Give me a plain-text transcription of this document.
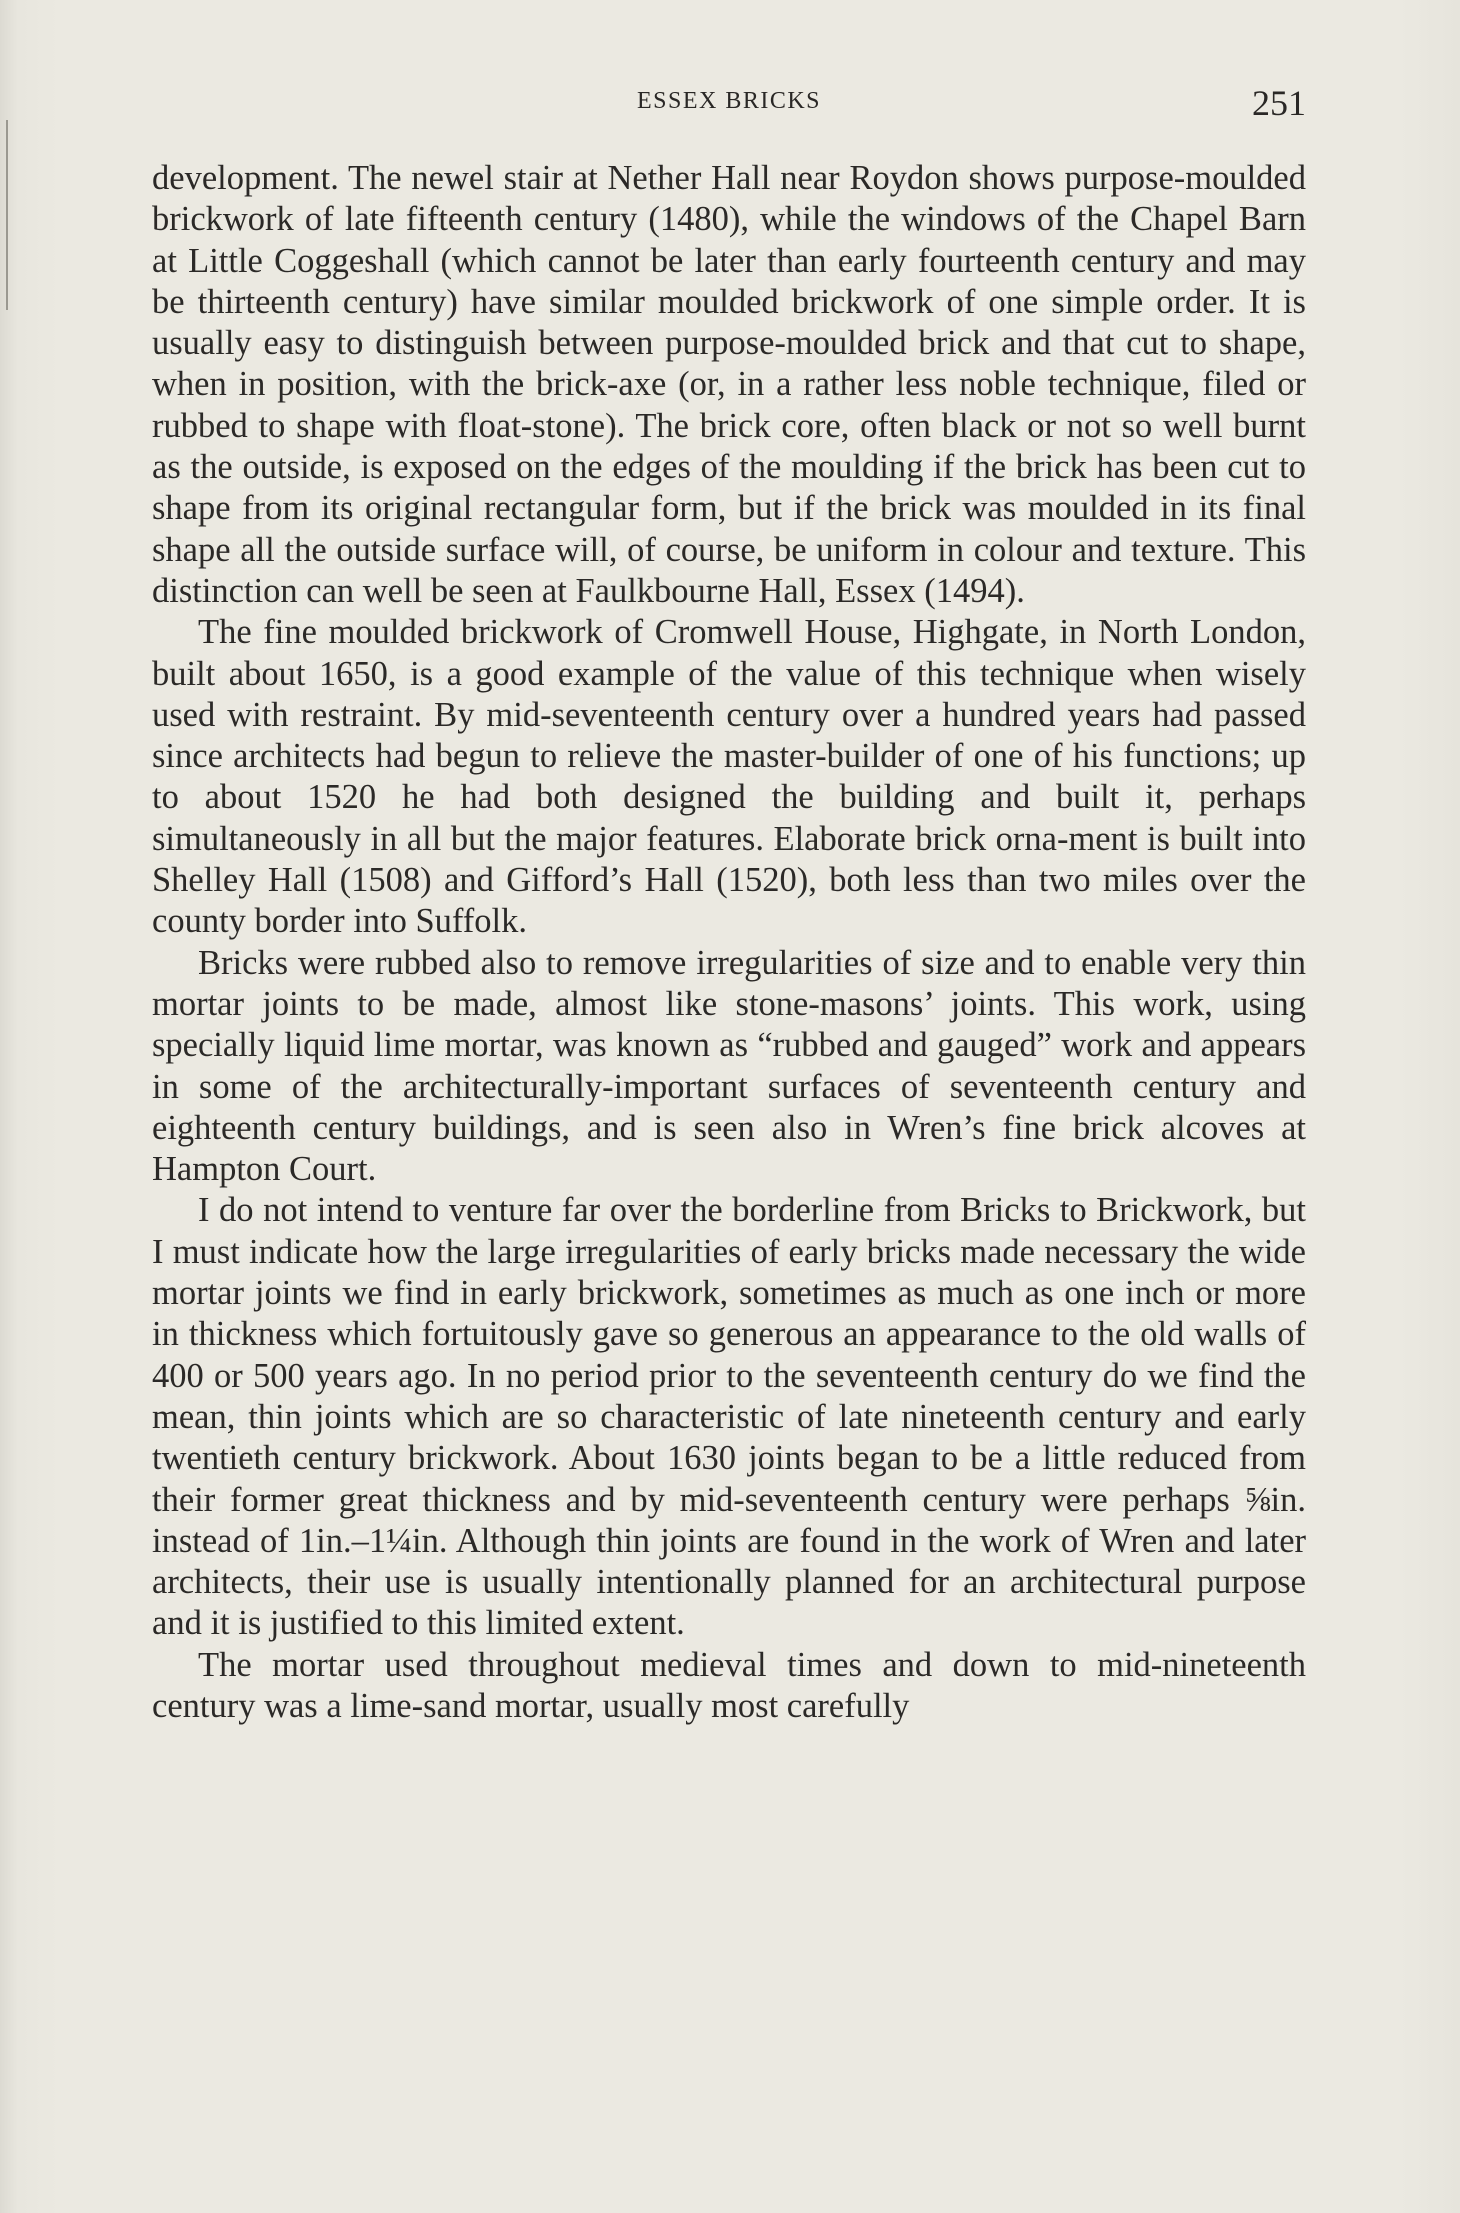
ESSEX BRICKS	251

development. The newel stair at Nether Hall near Roydon shows purpose-moulded brickwork of late fifteenth century (1480), while the windows of the Chapel Barn at Little Coggeshall (which cannot be later than early fourteenth century and may be thirteenth century) have similar moulded brickwork of one simple order. It is usually easy to distinguish between purpose-moulded brick and that cut to shape, when in position, with the brick-axe (or, in a rather less noble technique, filed or rubbed to shape with float-stone). The brick core, often black or not so well burnt as the outside, is exposed on the edges of the moulding if the brick has been cut to shape from its original rectangular form, but if the brick was moulded in its final shape all the outside surface will, of course, be uniform in colour and texture. This distinction can well be seen at Faulkbourne Hall, Essex (1494).

The fine moulded brickwork of Cromwell House, Highgate, in North London, built about 1650, is a good example of the value of this technique when wisely used with restraint. By mid-seventeenth century over a hundred years had passed since architects had begun to relieve the master-builder of one of his functions; up to about 1520 he had both designed the building and built it, perhaps simultaneously in all but the major features. Elaborate brick orna-ment is built into Shelley Hall (1508) and Gifford’s Hall (1520), both less than two miles over the county border into Suffolk.

Bricks were rubbed also to remove irregularities of size and to enable very thin mortar joints to be made, almost like stone-masons’ joints. This work, using specially liquid lime mortar, was known as “rubbed and gauged” work and appears in some of the architecturally-important surfaces of seventeenth century and eighteenth century buildings, and is seen also in Wren’s fine brick alcoves at Hampton Court.

I do not intend to venture far over the borderline from Bricks to Brickwork, but I must indicate how the large irregularities of early bricks made necessary the wide mortar joints we find in early brickwork, sometimes as much as one inch or more in thickness which fortuitously gave so generous an appearance to the old walls of 400 or 500 years ago. In no period prior to the seventeenth century do we find the mean, thin joints which are so characteristic of late nineteenth century and early twentieth century brickwork. About 1630 joints began to be a little reduced from their former great thickness and by mid-seventeenth century were perhaps ⅝in. instead of 1in.–1¼in. Although thin joints are found in the work of Wren and later architects, their use is usually intentionally planned for an architectural purpose and it is justified to this limited extent.

The mortar used throughout medieval times and down to mid-nineteenth century was a lime-sand mortar, usually most carefully
